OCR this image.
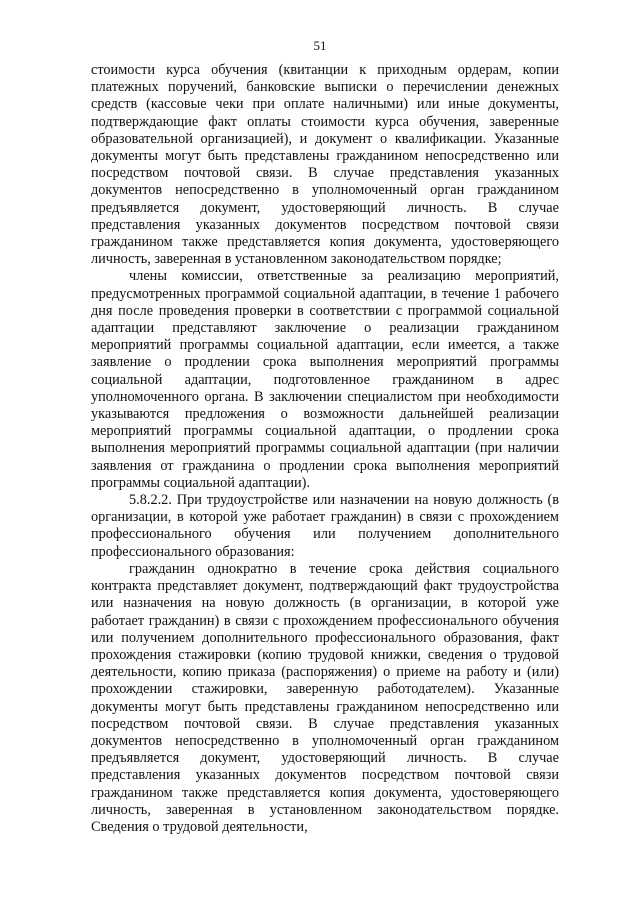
51

стоимости курса обучения (квитанции к приходным ордерам, копии платежных поручений, банковские выписки о перечислении денежных средств (кассовые чеки при оплате наличными) или иные документы, подтверждающие факт оплаты стоимости курса обучения, заверенные образовательной организацией), и документ о квалификации. Указанные документы могут быть представлены гражданином непосредственно или посредством почтовой связи. В случае представления указанных документов непосредственно в уполномоченный орган гражданином предъявляется документ, удостоверяющий личность. В случае представления указанных документов посредством почтовой связи гражданином также представляется копия документа, удостоверяющего личность, заверенная в установленном законодательством порядке;

члены комиссии, ответственные за реализацию мероприятий, предусмотренных программой социальной адаптации, в течение 1 рабочего дня после проведения проверки в соответствии с программой социальной адаптации представляют заключение о реализации гражданином мероприятий программы социальной адаптации, если имеется, а также заявление о продлении срока выполнения мероприятий программы социальной адаптации, подготовленное гражданином в адрес уполномоченного органа. В заключении специалистом при необходимости указываются предложения о возможности дальнейшей реализации мероприятий программы социальной адаптации, о продлении срока выполнения мероприятий программы социальной адаптации (при наличии заявления от гражданина о продлении срока выполнения мероприятий программы социальной адаптации).

5.8.2.2. При трудоустройстве или назначении на новую должность (в организации, в которой уже работает гражданин) в связи с прохождением профессионального обучения или получением дополнительного профессионального образования:

гражданин однократно в течение срока действия социального контракта представляет документ, подтверждающий факт трудоустройства или назначения на новую должность (в организации, в которой уже работает гражданин) в связи с прохождением профессионального обучения или получением дополнительного профессионального образования, факт прохождения стажировки (копию трудовой книжки, сведения о трудовой деятельности, копию приказа (распоряжения) о приеме на работу и (или) прохождении стажировки, заверенную работодателем). Указанные документы могут быть представлены гражданином непосредственно или посредством почтовой связи. В случае представления указанных документов непосредственно в уполномоченный орган гражданином предъявляется документ, удостоверяющий личность. В случае представления указанных документов посредством почтовой связи гражданином также представляется копия документа, удостоверяющего личность, заверенная в установленном законодательством порядке. Сведения о трудовой деятельности,
